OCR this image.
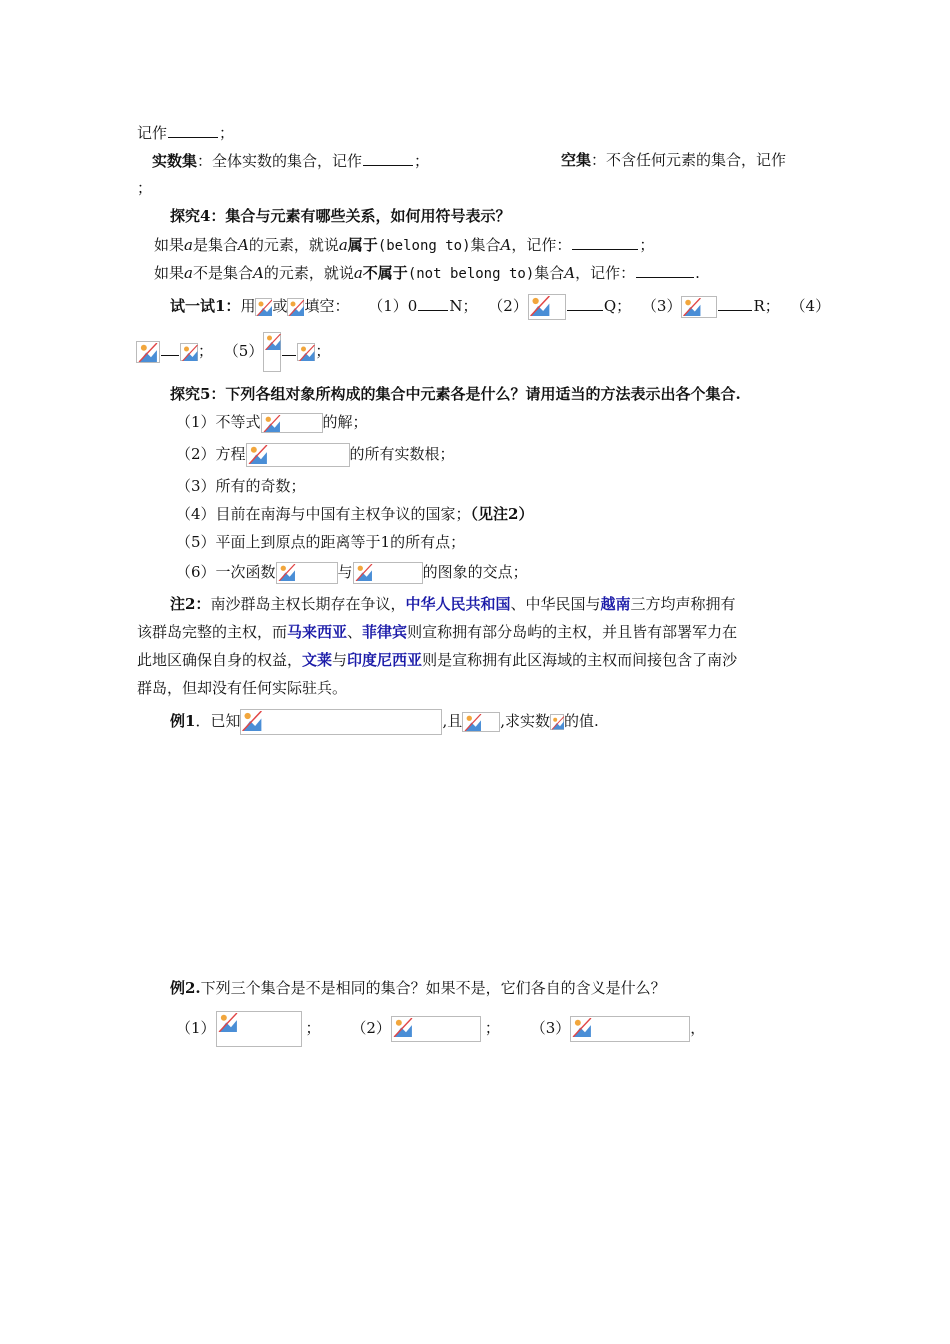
记作	；
实数集：全体实数的集合，记作	；	空集：不含任何元素的集合，记作
；
探究4：集合与元素有哪些关系，如何用符号表示？
如果a是集合A的元素，就说a属于(belong to)集合A，记作：	；
如果a不是集合A的元素，就说a不属于(not belong to)集合A，记作：	.
试一试1：用 或 填空： （1）0 N； （2）	Q； （3）	R； （4）
； （5）	；
探究5：下列各组对象所构成的集合中元素各是什么？请用适当的方法表示出各个集合.
（1）不等式	的解；
（2）方程	的所有实数根；
（3）所有的奇数；
（4）目前在南海与中国有主权争议的国家；（见注2）
（5）平面上到原点的距离等于1的所有点；
（6）一次函数	与	的图象的交点；
注2：南沙群岛主权长期存在争议，中华人民共和国、中华民国与越南三方均声称拥有
该群岛完整的主权，而马来西亚、菲律宾则宣称拥有部分岛屿的主权，并且皆有部署军力在
此地区确保自身的权益，文莱与印度尼西亚则是宣称拥有此区海域的主权而间接包含了南沙
群岛，但却没有任何实际驻兵。
例1．已知	,且	,求实数 的值.
例2.下列三个集合是不是相同的集合？如果不是，它们各自的含义是什么？
（1）	； （2）	； （3）	，
